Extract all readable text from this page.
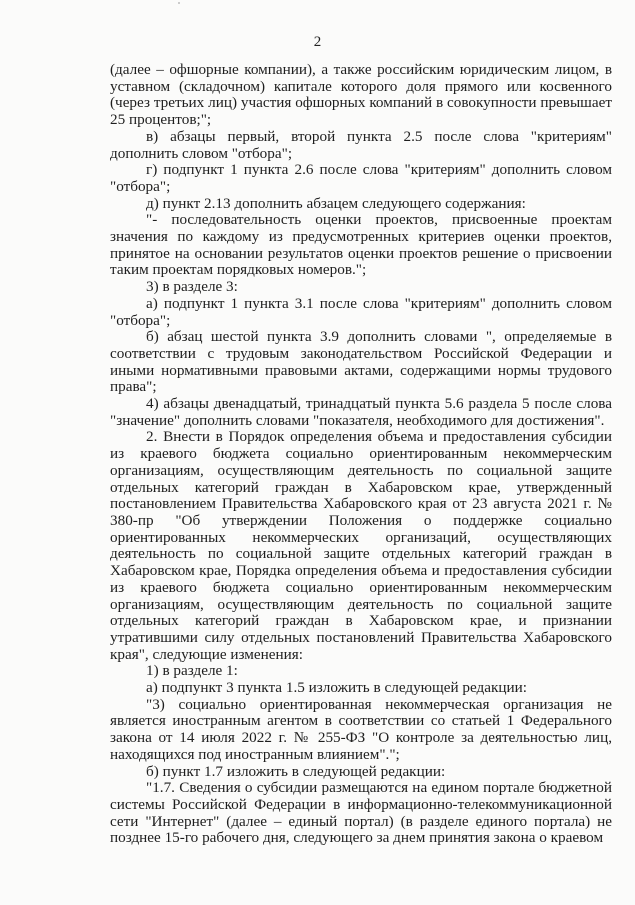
2

(далее – офшорные компании), а также российским юридическим лицом, в уставном (складочном) капитале которого доля прямого или косвенного (через третьих лиц) участия офшорных компаний в совокупности превышает 25 процентов;";

в) абзацы первый, второй пункта 2.5 после слова "критериям" дополнить словом "отбора";

г) подпункт 1 пункта 2.6 после слова "критериям" дополнить словом "отбора";

д) пункт 2.13 дополнить абзацем следующего содержания:

"- последовательность оценки проектов, присвоенные проектам значения по каждому из предусмотренных критериев оценки проектов, принятое на основании результатов оценки проектов решение о присвоении таким проектам порядковых номеров.";

3) в разделе 3:

а) подпункт 1 пункта 3.1 после слова "критериям" дополнить словом "отбора";

б) абзац шестой пункта 3.9 дополнить словами ", определяемые в соответствии с трудовым законодательством Российской Федерации и иными нормативными правовыми актами, содержащими нормы трудового права";

4) абзацы двенадцатый, тринадцатый пункта 5.6 раздела 5 после слова "значение" дополнить словами "показателя, необходимого для достижения".

2. Внести в Порядок определения объема и предоставления субсидии из краевого бюджета социально ориентированным некоммерческим организациям, осуществляющим деятельность по социальной защите отдельных категорий граждан в Хабаровском крае, утвержденный постановлением Правительства Хабаровского края от 23 августа 2021 г. № 380-пр "Об утверждении Положения о поддержке социально ориентированных некоммерческих организаций, осуществляющих деятельность по социальной защите отдельных категорий граждан в Хабаровском крае, Порядка определения объема и предоставления субсидии из краевого бюджета социально ориентированным некоммерческим организациям, осуществляющим деятельность по социальной защите отдельных категорий граждан в Хабаровском крае, и признании утратившими силу отдельных постановлений Правительства Хабаровского края", следующие изменения:

1) в разделе 1:

а) подпункт 3 пункта 1.5 изложить в следующей редакции:

"3) социально ориентированная некоммерческая организация не является иностранным агентом в соответствии со статьей 1 Федерального закона от 14 июля 2022 г. № 255-ФЗ "О контроле за деятельностью лиц, находящихся под иностранным влиянием".";

б) пункт 1.7 изложить в следующей редакции:

"1.7. Сведения о субсидии размещаются на едином портале бюджетной системы Российской Федерации в информационно-телекоммуникационной сети "Интернет" (далее – единый портал) (в разделе единого портала) не позднее 15-го рабочего дня, следующего за днем принятия закона о краевом
